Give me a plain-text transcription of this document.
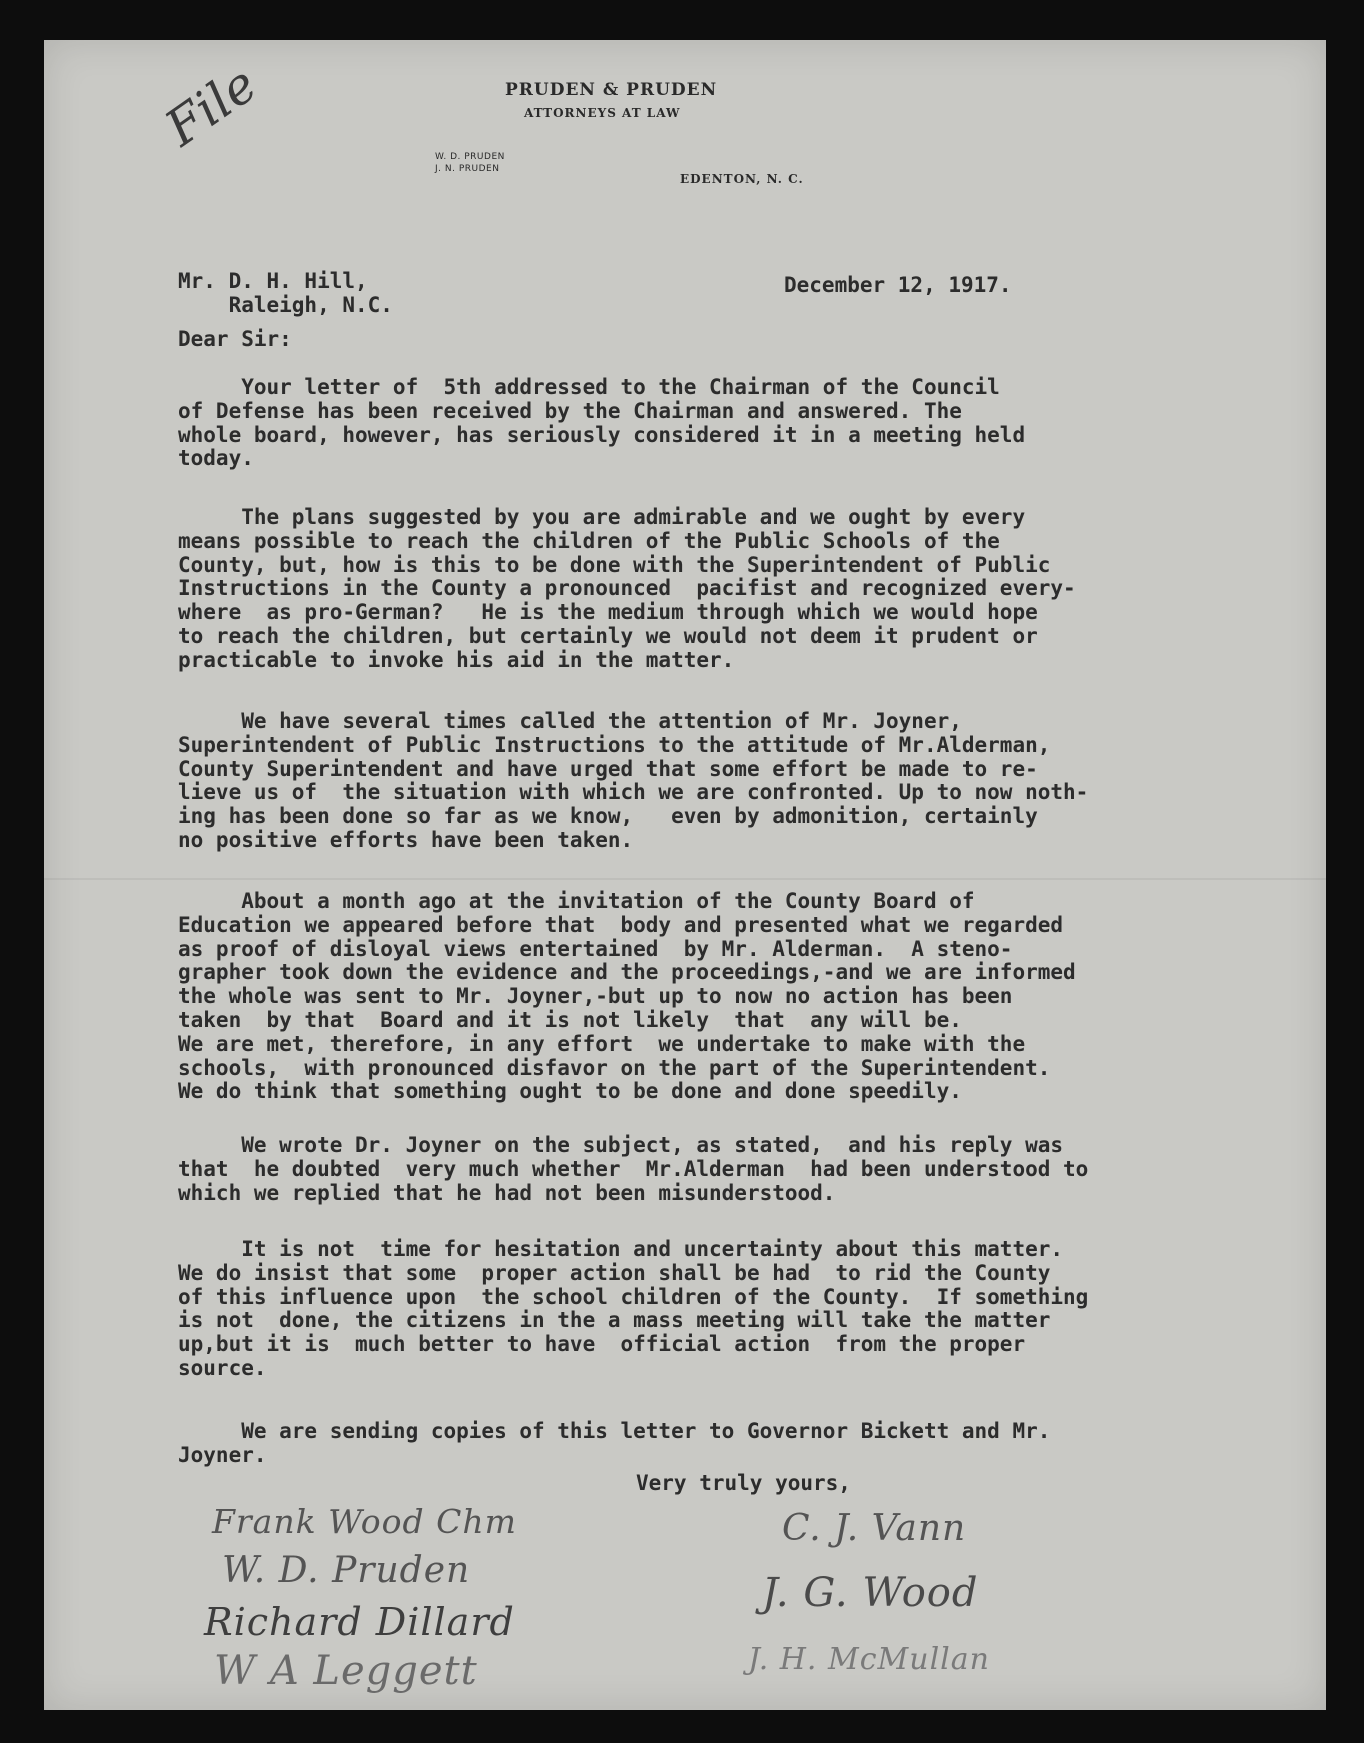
File	PRUDEN & PRUDEN
ATTORNEYS AT LAW
W. D. PRUDEN
J. N. PRUDEN
EDENTON, N. C.
Mr. D. H. Hill,
Raleigh, N.C.
December 12, 1917.
Dear Sir:
Your letter of  5th addressed to the Chairman of the Council
of Defense has been received by the Chairman and answered. The
whole board, however, has seriously considered it in a meeting held
today.
The plans suggested by you are admirable and we ought by every
means possible to reach the children of the Public Schools of the
County, but, how is this to be done with the Superintendent of Public
Instructions in the County a pronounced  pacifist and recognized every-
where  as pro-German?   He is the medium through which we would hope
to reach the children, but certainly we would not deem it prudent or
practicable to invoke his aid in the matter.
We have several times called the attention of Mr. Joyner,
Superintendent of Public Instructions to the attitude of Mr.Alderman,
County Superintendent and have urged that some effort be made to re-
lieve us of  the situation with which we are confronted. Up to now noth-
ing has been done so far as we know,   even by admonition, certainly
no positive efforts have been taken.
About a month ago at the invitation of the County Board of
Education we appeared before that  body and presented what we regarded
as proof of disloyal views entertained  by Mr. Alderman.  A steno-
grapher took down the evidence and the proceedings,-and we are informed
the whole was sent to Mr. Joyner,-but up to now no action has been
taken  by that  Board and it is not likely  that  any will be.
We are met, therefore, in any effort  we undertake to make with the
schools,  with pronounced disfavor on the part of the Superintendent.
We do think that something ought to be done and done speedily.
We wrote Dr. Joyner on the subject, as stated,  and his reply was
that  he doubted  very much whether  Mr.Alderman  had been understood to
which we replied that he had not been misunderstood.
It is not  time for hesitation and uncertainty about this matter.
We do insist that some  proper action shall be had  to rid the County
of this influence upon  the school children of the County.  If something
is not  done, the citizens in the a mass meeting will take the matter
up,but it is  much better to have  official action  from the proper
source.
We are sending copies of this letter to Governor Bickett and Mr.
Joyner.
Very truly yours,
Frank Wood Chm
W. D. Pruden
Richard Dillard
W A Leggett
C. J. Vann
J. G. Wood
J. H. McMullan
